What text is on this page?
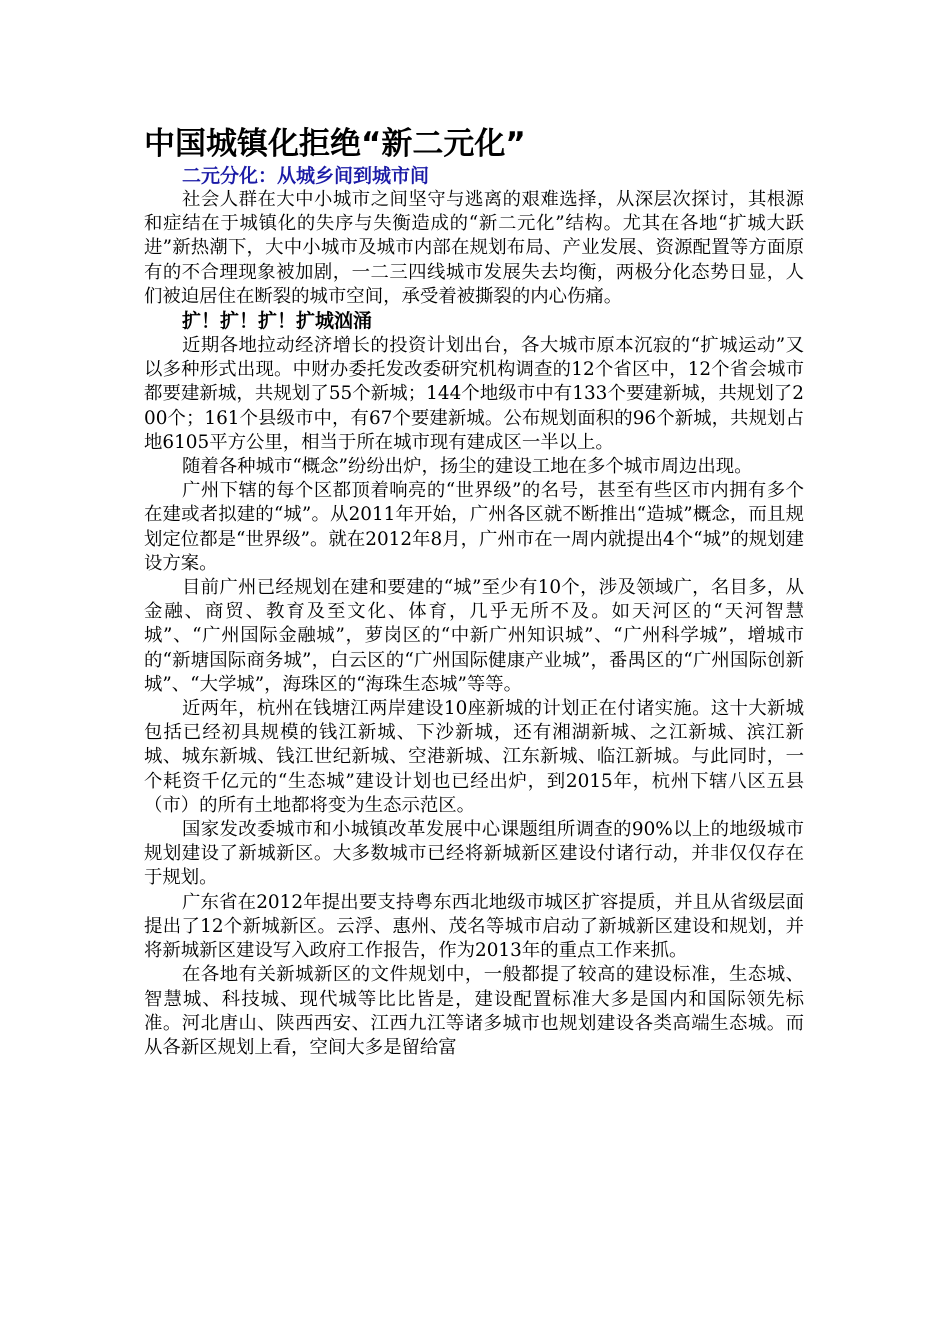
中国城镇化拒绝“新二元化”
二元分化：从城乡间到城市间

社会人群在大中小城市之间坚守与逃离的艰难选择，从深层次探讨，其根源和症结在于城镇化的失序与失衡造成的“新二元化”结构。尤其在各地“扩城大跃进”新热潮下，大中小城市及城市内部在规划布局、产业发展、资源配置等方面原有的不合理现象被加剧，一二三四线城市发展失去均衡，两极分化态势日显，人们被迫居住在断裂的城市空间，承受着被撕裂的内心伤痛。

扩！扩！扩！扩城汹涌

近期各地拉动经济增长的投资计划出台，各大城市原本沉寂的“扩城运动”又以多种形式出现。中财办委托发改委研究机构调查的12个省区中，12个省会城市都要建新城，共规划了55个新城；144个地级市中有133个要建新城，共规划了200个；161个县级市中，有67个要建新城。公布规划面积的96个新城，共规划占地6105平方公里，相当于所在城市现有建成区一半以上。

随着各种城市“概念”纷纷出炉，扬尘的建设工地在多个城市周边出现。

广州下辖的每个区都顶着响亮的“世界级”的名号，甚至有些区市内拥有多个在建或者拟建的“城”。从2011年开始，广州各区就不断推出“造城”概念，而且规划定位都是“世界级”。就在2012年8月，广州市在一周内就提出4个“城”的规划建设方案。

目前广州已经规划在建和要建的“城”至少有10个，涉及领域广，名目多，从金融、商贸、教育及至文化、体育，几乎无所不及。如天河区的“天河智慧城”、“广州国际金融城”，萝岗区的“中新广州知识城”、“广州科学城”，增城市的“新塘国际商务城”，白云区的“广州国际健康产业城”，番禺区的“广州国际创新城”、“大学城”，海珠区的“海珠生态城”等等。

近两年，杭州在钱塘江两岸建设10座新城的计划正在付诸实施。这十大新城包括已经初具规模的钱江新城、下沙新城，还有湘湖新城、之江新城、滨江新城、城东新城、钱江世纪新城、空港新城、江东新城、临江新城。与此同时，一个耗资千亿元的“生态城”建设计划也已经出炉，到2015年，杭州下辖八区五县（市）的所有土地都将变为生态示范区。

国家发改委城市和小城镇改革发展中心课题组所调查的90%以上的地级城市规划建设了新城新区。大多数城市已经将新城新区建设付诸行动，并非仅仅存在于规划。

广东省在2012年提出要支持粤东西北地级市城区扩容提质，并且从省级层面提出了12个新城新区。云浮、惠州、茂名等城市启动了新城新区建设和规划，并将新城新区建设写入政府工作报告，作为2013年的重点工作来抓。

在各地有关新城新区的文件规划中，一般都提了较高的建设标准，生态城、智慧城、科技城、现代城等比比皆是，建设配置标准大多是国内和国际领先标准。河北唐山、陕西西安、江西九江等诸多城市也规划建设各类高端生态城。而从各新区规划上看，空间大多是留给富
